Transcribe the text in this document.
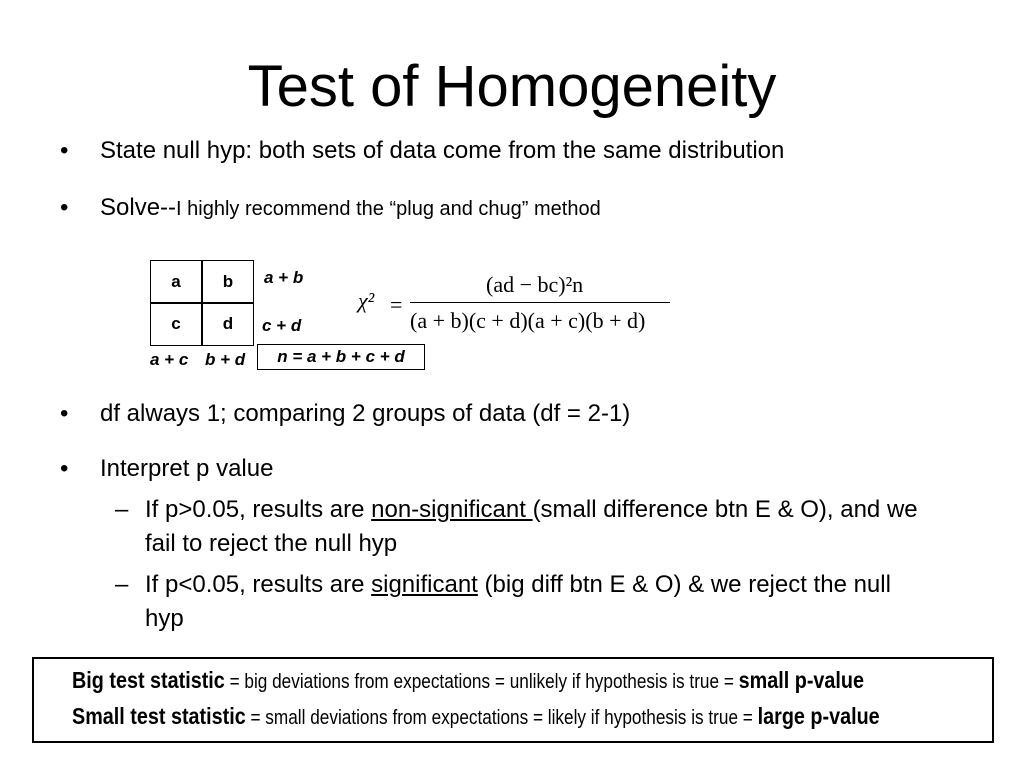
Test of Homogeneity
•	State null hyp: both sets of data come from the same distribution
•	Solve--I highly recommend the “plug and chug” method
a	b
c	d
a + b
c + d
a + c b + d	n = a + b + c + d
χ² =
(ad − bc)²n
(a + b)(c + d)(a + c)(b + d)
•	df always 1; comparing 2 groups of data (df = 2-1)
•	Interpret p value
– If p>0.05, results are non-significant (small difference btn E & O), and we fail to reject the null hyp
– If p<0.05, results are significant (big diff btn E & O) & we reject the null hyp
Big test statistic = big deviations from expectations = unlikely if hypothesis is true = small p-value
Small test statistic = small deviations from expectations = likely if hypothesis is true = large p-value
